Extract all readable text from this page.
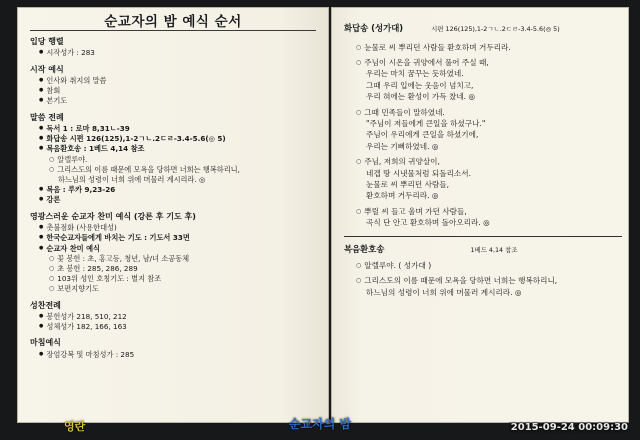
순교자의 밤 예식 순서
입당 행렬
● 시작성가 : 283
시작 예식
● 인사와 취지의 말씀
● 참회
● 본기도
말씀 전례
● 독서 1 : 로마 8,31ㄴ-39
● 화답송 시편 126(125),1-2ㄱㄴ.2ㄷㄹ-3.4-5.6(◎ 5)
● 복음환호송 : 1베드 4,14 참조
○ 알렐루야.
○ 그리스도의 이름 때문에 모욕을 당하면 너희는 행복하리니,
하느님의 성령이 너희 위에 머물러 계시리라. ◎
● 복음 : 루카 9,23-26
● 강론
영광스러운 순교자 찬미 예식 (강론 후 기도 후)
● 촛불점화 (사용한대성)
● 한국순교자들에게 바치는 기도 : 기도서 33면
● 순교자 찬미 예식
○ 꽃 봉헌 : 초, 홍고등, 청년, 남/녀 소공동체
○ 초 봉헌 : 285, 286, 289
○ 103위 성인 호칭기도 : 별지 참조
○ 보편지향기도
성찬전례
● 봉헌성가 218, 510, 212
● 성체성가 182, 166, 163
마침예식
● 장엄강복 및 마침성가 : 285
화답송 (성가대)	시편 126(125),1-2ㄱㄴ.2ㄷㄹ-3.4-5.6(◎ 5)
○ 눈물로 씨 뿌리던 사람들 환호하며 거두리라.
○ 주님이 시온을 귀양에서 풀어 주실 때,
우리는 마치 꿈꾸는 듯하였네.
그때 우리 입에는 웃음이 넘치고,
우리 혀에는 환성이 가득 찼네. ◎
○ 그때 민족들이 말하였네.
"주님이 저들에게 큰일을 하셨구나."
주님이 우리에게 큰일을 하셨기에,
우리는 기뻐하였네. ◎
○ 주님, 저희의 귀양살이,
네겝 땅 시냇물처럼 되돌리소서.
눈물로 씨 뿌리던 사람들,
환호하며 거두리라. ◎
○ 뿌릴 씨 들고 울며 가던 사람들,
곡식 단 안고 환호하며 돌아오리라. ◎
복음환호송	1베드 4,14 참조
○ 알렐루야. ( 성가대 )
○ 그리스도의 이름 때문에 모욕을 당하면 너희는 행복하리니,
하느님의 성령이 너희 위에 머물러 계시리라. ◎
순교자의 밤
영란	2015-09-24 00:09:30
